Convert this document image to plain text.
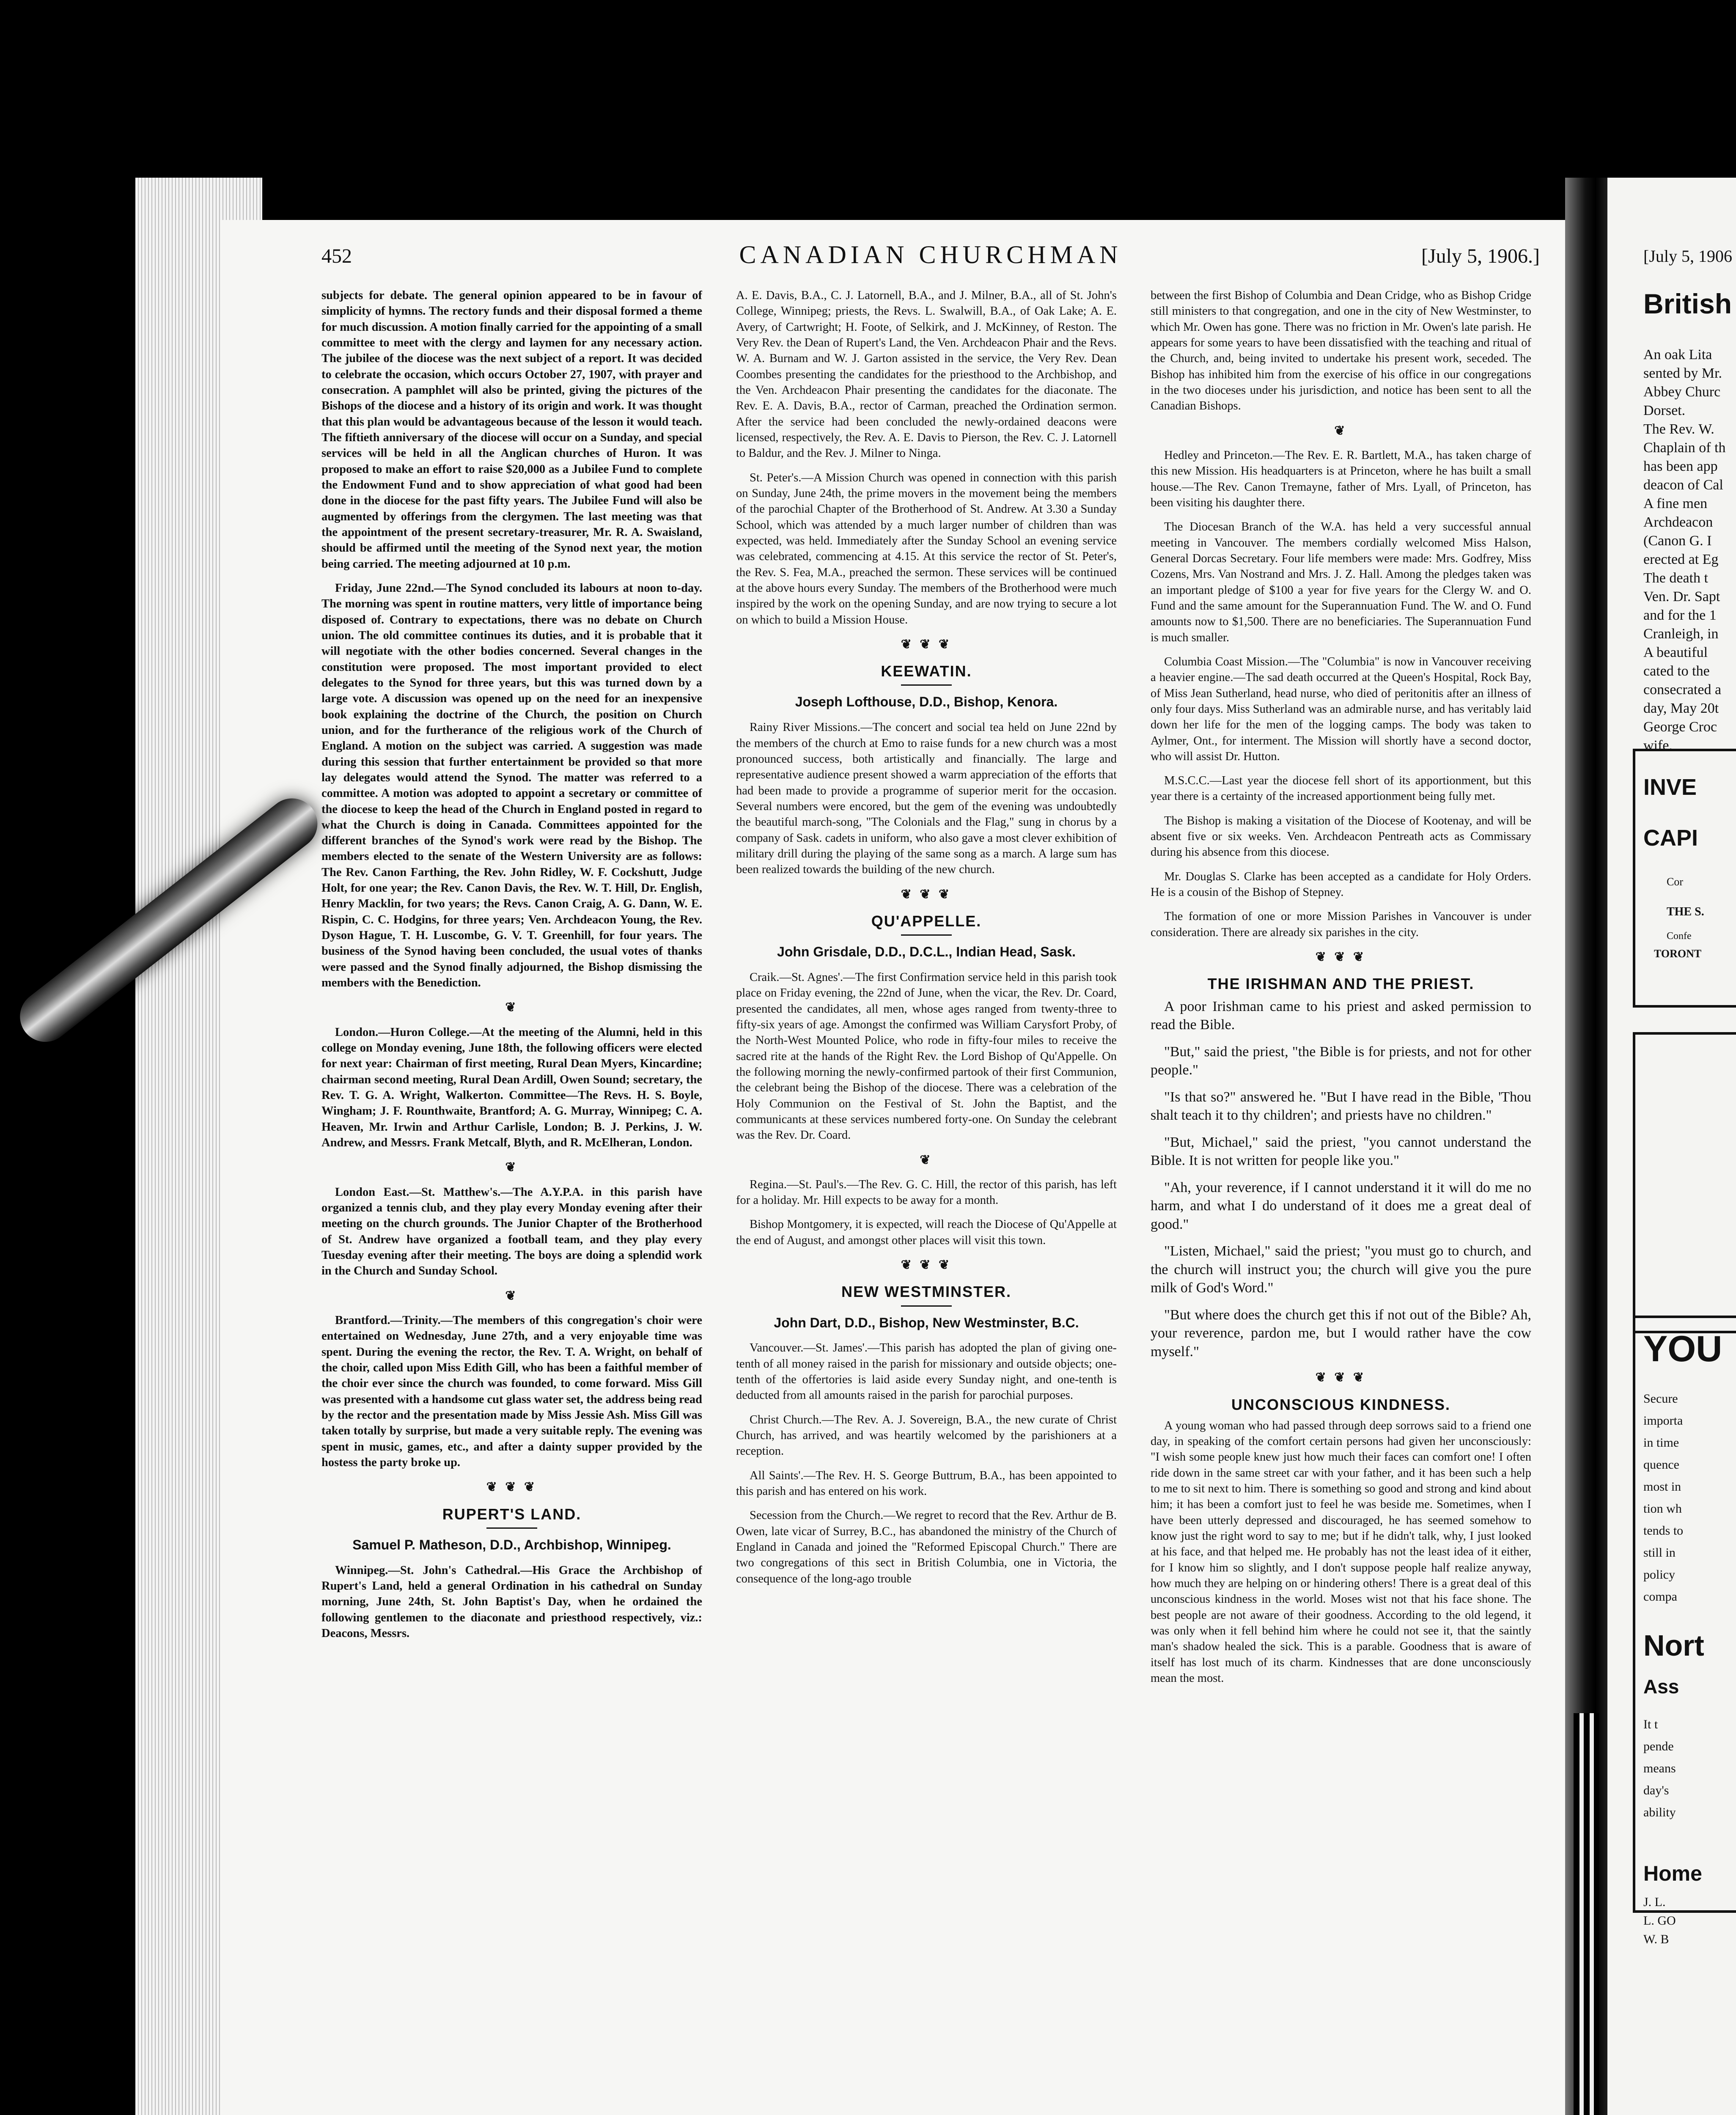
452	CANADIAN CHURCHMAN	[July 5, 1906.]

subjects for debate. The general opinion appeared to be in favour of simplicity of hymns. The rectory funds and their disposal formed a theme for much discussion. A motion finally carried for the appointing of a small committee to meet with the clergy and laymen for any necessary action. The jubilee of the diocese was the next subject of a report. It was decided to celebrate the occasion, which occurs October 27, 1907, with prayer and consecration. A pamphlet will also be printed, giving the pictures of the Bishops of the diocese and a history of its origin and work. It was thought that this plan would be advantageous because of the lesson it would teach. The fiftieth anniversary of the diocese will occur on a Sunday, and special services will be held in all the Anglican churches of Huron. It was proposed to make an effort to raise $20,000 as a Jubilee Fund to complete the Endowment Fund and to show appreciation of what good had been done in the diocese for the past fifty years. The Jubilee Fund will also be augmented by offerings from the clergymen. The last meeting was that the appointment of the present secretary-treasurer, Mr. R. A. Swaisland, should be affirmed until the meeting of the Synod next year, the motion being carried. The meeting adjourned at 10 p.m.

Friday, June 22nd.—The Synod concluded its labours at noon to-day. The morning was spent in routine matters, very little of importance being disposed of. Contrary to expectations, there was no debate on Church union. The old committee continues its duties, and it is probable that it will negotiate with the other bodies concerned. Several changes in the constitution were proposed. The most important provided to elect delegates to the Synod for three years, but this was turned down by a large vote. A discussion was opened up on the need for an inexpensive book explaining the doctrine of the Church, the position on Church union, and for the furtherance of the religious work of the Church of England. A motion on the subject was carried. A suggestion was made during this session that further entertainment be provided so that more lay delegates would attend the Synod. The matter was referred to a committee. A motion was adopted to appoint a secretary or committee of the diocese to keep the head of the Church in England posted in regard to what the Church is doing in Canada. Committees appointed for the different branches of the Synod's work were read by the Bishop. The members elected to the senate of the Western University are as follows: The Rev. Canon Farthing, the Rev. John Ridley, W. F. Cockshutt, Judge Holt, for one year; the Rev. Canon Davis, the Rev. W. T. Hill, Dr. English, Henry Macklin, for two years; the Revs. Canon Craig, A. G. Dann, W. E. Rispin, C. C. Hodgins, for three years; Ven. Archdeacon Young, the Rev. Dyson Hague, T. H. Luscombe, G. V. T. Greenhill, for four years. The business of the Synod having been concluded, the usual votes of thanks were passed and the Synod finally adjourned, the Bishop dismissing the members with the Benediction.

❦

London.—Huron College.—At the meeting of the Alumni, held in this college on Monday evening, June 18th, the following officers were elected for next year: Chairman of first meeting, Rural Dean Myers, Kincardine; chairman second meeting, Rural Dean Ardill, Owen Sound; secretary, the Rev. T. G. A. Wright, Walkerton. Committee—The Revs. H. S. Boyle, Wingham; J. F. Rounthwaite, Brantford; A. G. Murray, Winnipeg; C. A. Heaven, Mr. Irwin and Arthur Carlisle, London; B. J. Perkins, J. W. Andrew, and Messrs. Frank Metcalf, Blyth, and R. McElheran, London.

❦

London East.—St. Matthew's.—The A.Y.P.A. in this parish have organized a tennis club, and they play every Monday evening after their meeting on the church grounds. The Junior Chapter of the Brotherhood of St. Andrew have organized a football team, and they play every Tuesday evening after their meeting. The boys are doing a splendid work in the Church and Sunday School.

❦

Brantford.—Trinity.—The members of this congregation's choir were entertained on Wednesday, June 27th, and a very enjoyable time was spent. During the evening the rector, the Rev. T. A. Wright, on behalf of the choir, called upon Miss Edith Gill, who has been a faithful member of the choir ever since the church was founded, to come forward. Miss Gill was presented with a handsome cut glass water set, the address being read by the rector and the presentation made by Miss Jessie Ash. Miss Gill was taken totally by surprise, but made a very suitable reply. The evening was spent in music, games, etc., and after a dainty supper provided by the hostess the party broke up.

❦ ❦ ❦
RUPERT'S LAND.
Samuel P. Matheson, D.D., Archbishop, Winnipeg.

Winnipeg.—St. John's Cathedral.—His Grace the Archbishop of Rupert's Land, held a general Ordination in his cathedral on Sunday morning, June 24th, St. John Baptist's Day, when he ordained the following gentlemen to the diaconate and priesthood respectively, viz.: Deacons, Messrs.

A. E. Davis, B.A., C. J. Latornell, B.A., and J. Milner, B.A., all of St. John's College, Winnipeg; priests, the Revs. L. Swalwill, B.A., of Oak Lake; A. E. Avery, of Cartwright; H. Foote, of Selkirk, and J. McKinney, of Reston. The Very Rev. the Dean of Rupert's Land, the Ven. Archdeacon Phair and the Revs. W. A. Burnam and W. J. Garton assisted in the service, the Very Rev. Dean Coombes presenting the candidates for the priesthood to the Archbishop, and the Ven. Archdeacon Phair presenting the candidates for the diaconate. The Rev. E. A. Davis, B.A., rector of Carman, preached the Ordination sermon. After the service had been concluded the newly-ordained deacons were licensed, respectively, the Rev. A. E. Davis to Pierson, the Rev. C. J. Latornell to Baldur, and the Rev. J. Milner to Ninga.

St. Peter's.—A Mission Church was opened in connection with this parish on Sunday, June 24th, the prime movers in the movement being the members of the parochial Chapter of the Brotherhood of St. Andrew. At 3.30 a Sunday School, which was attended by a much larger number of children than was expected, was held. Immediately after the Sunday School an evening service was celebrated, commencing at 4.15. At this service the rector of St. Peter's, the Rev. S. Fea, M.A., preached the sermon. These services will be continued at the above hours every Sunday. The members of the Brotherhood were much inspired by the work on the opening Sunday, and are now trying to secure a lot on which to build a Mission House.

❦ ❦ ❦
KEEWATIN.
Joseph Lofthouse, D.D., Bishop, Kenora.

Rainy River Missions.—The concert and social tea held on June 22nd by the members of the church at Emo to raise funds for a new church was a most pronounced success, both artistically and financially. The large and representative audience present showed a warm appreciation of the efforts that had been made to provide a programme of superior merit for the occasion. Several numbers were encored, but the gem of the evening was undoubtedly the beautiful march-song, "The Colonials and the Flag," sung in chorus by a company of Sask. cadets in uniform, who also gave a most clever exhibition of military drill during the playing of the same song as a march. A large sum has been realized towards the building of the new church.

❦ ❦ ❦
QU'APPELLE.
John Grisdale, D.D., D.C.L., Indian Head, Sask.

Craik.—St. Agnes'.—The first Confirmation service held in this parish took place on Friday evening, the 22nd of June, when the vicar, the Rev. Dr. Coard, presented the candidates, all men, whose ages ranged from twenty-three to fifty-six years of age. Amongst the confirmed was William Carysfort Proby, of the North-West Mounted Police, who rode in fifty-four miles to receive the sacred rite at the hands of the Right Rev. the Lord Bishop of Qu'Appelle. On the following morning the newly-confirmed partook of their first Communion, the celebrant being the Bishop of the diocese. There was a celebration of the Holy Communion on the Festival of St. John the Baptist, and the communicants at these services numbered forty-one. On Sunday the celebrant was the Rev. Dr. Coard.

❦

Regina.—St. Paul's.—The Rev. G. C. Hill, the rector of this parish, has left for a holiday. Mr. Hill expects to be away for a month.

Bishop Montgomery, it is expected, will reach the Diocese of Qu'Appelle at the end of August, and amongst other places will visit this town.

❦ ❦ ❦
NEW WESTMINSTER.
John Dart, D.D., Bishop, New Westminster, B.C.

Vancouver.—St. James'.—This parish has adopted the plan of giving one-tenth of all money raised in the parish for missionary and outside objects; one-tenth of the offertories is laid aside every Sunday night, and one-tenth is deducted from all amounts raised in the parish for parochial purposes.

Christ Church.—The Rev. A. J. Sovereign, B.A., the new curate of Christ Church, has arrived, and was heartily welcomed by the parishioners at a reception.

All Saints'.—The Rev. H. S. George Buttrum, B.A., has been appointed to this parish and has entered on his work.

Secession from the Church.—We regret to record that the Rev. Arthur de B. Owen, late vicar of Surrey, B.C., has abandoned the ministry of the Church of England in Canada and joined the "Reformed Episcopal Church." There are two congregations of this sect in British Columbia, one in Victoria, the consequence of the long-ago trouble

between the first Bishop of Columbia and Dean Cridge, who as Bishop Cridge still ministers to that congregation, and one in the city of New Westminster, to which Mr. Owen has gone. There was no friction in Mr. Owen's late parish. He appears for some years to have been dissatisfied with the teaching and ritual of the Church, and, being invited to undertake his present work, seceded. The Bishop has inhibited him from the exercise of his office in our congregations in the two dioceses under his jurisdiction, and notice has been sent to all the Canadian Bishops.

❦

Hedley and Princeton.—The Rev. E. R. Bartlett, M.A., has taken charge of this new Mission. His headquarters is at Princeton, where he has built a small house.—The Rev. Canon Tremayne, father of Mrs. Lyall, of Princeton, has been visiting his daughter there.

The Diocesan Branch of the W.A. has held a very successful annual meeting in Vancouver. The members cordially welcomed Miss Halson, General Dorcas Secretary. Four life members were made: Mrs. Godfrey, Miss Cozens, Mrs. Van Nostrand and Mrs. J. Z. Hall. Among the pledges taken was an important pledge of $100 a year for five years for the Clergy W. and O. Fund and the same amount for the Superannuation Fund. The W. and O. Fund amounts now to $1,500. There are no beneficiaries. The Superannuation Fund is much smaller.

Columbia Coast Mission.—The "Columbia" is now in Vancouver receiving a heavier engine.—The sad death occurred at the Queen's Hospital, Rock Bay, of Miss Jean Sutherland, head nurse, who died of peritonitis after an illness of only four days. Miss Sutherland was an admirable nurse, and has veritably laid down her life for the men of the logging camps. The body was taken to Aylmer, Ont., for interment. The Mission will shortly have a second doctor, who will assist Dr. Hutton.

M.S.C.C.—Last year the diocese fell short of its apportionment, but this year there is a certainty of the increased apportionment being fully met.

The Bishop is making a visitation of the Diocese of Kootenay, and will be absent five or six weeks. Ven. Archdeacon Pentreath acts as Commissary during his absence from this diocese.

Mr. Douglas S. Clarke has been accepted as a candidate for Holy Orders. He is a cousin of the Bishop of Stepney.

The formation of one or more Mission Parishes in Vancouver is under consideration. There are already six parishes in the city.

❦ ❦ ❦
THE IRISHMAN AND THE PRIEST.

A poor Irishman came to his priest and asked permission to read the Bible.

"But," said the priest, "the Bible is for priests, and not for other people."

"Is that so?" answered he. "But I have read in the Bible, 'Thou shalt teach it to thy children'; and priests have no children."

"But, Michael," said the priest, "you cannot understand the Bible. It is not written for people like you."

"Ah, your reverence, if I cannot understand it it will do me no harm, and what I do understand of it does me a great deal of good."

"Listen, Michael," said the priest; "you must go to church, and the church will instruct you; the church will give you the pure milk of God's Word."

"But where does the church get this if not out of the Bible? Ah, your reverence, pardon me, but I would rather have the cow myself."

❦ ❦ ❦
UNCONSCIOUS KINDNESS.

A young woman who had passed through deep sorrows said to a friend one day, in speaking of the comfort certain persons had given her unconsciously: "I wish some people knew just how much their faces can comfort one! I often ride down in the same street car with your father, and it has been such a help to me to sit next to him. There is something so good and strong and kind about him; it has been a comfort just to feel he was beside me. Sometimes, when I have been utterly depressed and discouraged, he has seemed somehow to know just the right word to say to me; but if he didn't talk, why, I just looked at his face, and that helped me. He probably has not the least idea of it either, for I know him so slightly, and I don't suppose people half realize anyway, how much they are helping on or hindering others! There is a great deal of this unconscious kindness in the world. Moses wist not that his face shone. The best people are not aware of their goodness. According to the old legend, it was only when it fell behind him where he could not see it, that the saintly man's shadow healed the sick. This is a parable. Goodness that is aware of itself has lost much of its charm. Kindnesses that are done unconsciously mean the most.

[July 5, 1906
British
An oak Lita
sented by Mr.
Abbey Churc
Dorset.
The Rev. W.
Chaplain of th
has been app
deacon of Cal
A fine men
Archdeacon
(Canon G. I
erected at Eg
The death t
Ven. Dr. Sapt
and for the 1
Cranleigh, in
A beautiful
cated to the
consecrated a
day, May 20t
George Croc
wife.
INVE
CAPI
Cor
THE S.
Confe
TORONT
YOU
Secure
importa
in time
quence
most in
tion wh
tends to
still in
policy
compa
Nort
Ass
It t
pende
means
day's
ability
Home
J. L.
L. GO
W. B
